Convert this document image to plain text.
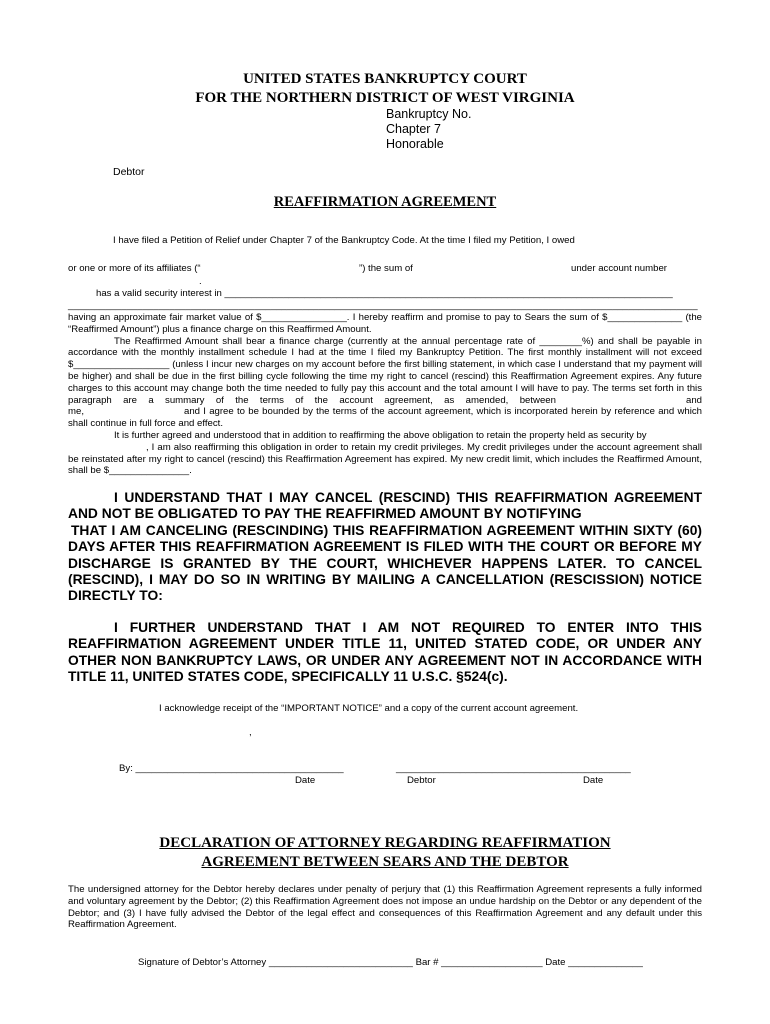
UNITED STATES BANKRUPTCY COURT
FOR THE NORTHERN DISTRICT OF WEST VIRGINIA
Bankruptcy No.
Chapter 7
Honorable
Debtor
REAFFIRMATION AGREEMENT
I have filed a Petition of Relief under Chapter 7 of the Bankruptcy Code. At the time I filed my Petition, I owed
or one or more of its affiliates (“	”) the sum of	under account number
.
has a valid security interest in ____________________________________________________________________________________
______________________________________________________________________________________________________________________

having an approximate fair market value of $________________. I hereby reaffirm and promise to pay to Sears the sum of $______________ (the “Reaffirmed Amount”) plus a finance charge on this Reaffirmed Amount.

The Reaffirmed Amount shall bear a finance charge (currently at the annual percentage rate of ________%) and shall be payable in accordance with the monthly installment schedule I had at the time I filed my Bankruptcy Petition. The first monthly installment will not exceed $__________________ (unless I incur new charges on my account before the first billing statement, in which case I understand that my payment will be higher) and shall be due in the first billing cycle following the time my right to cancel (rescind) this Reaffirmation Agreement expires. Any future charges to this account may change both the time needed to fully pay this account and the total amount I will have to pay. The terms set forth in this paragraph are a summary of the terms of the account agreement, as amended, between	and

me,	and I agree to be bounded by the terms of the account agreement, which is incorporated herein by reference and which shall continue in full force and effect.

It is further agreed and understood that in addition to reaffirming the above obligation to retain the property held as security by

, I am also reaffirming this obligation in order to retain my credit privileges. My credit privileges under the account agreement shall be reinstated after my right to cancel (rescind) this Reaffirmation Agreement has expired. My new credit limit, which includes the Reaffirmed Amount, shall be $_______________.

I UNDERSTAND THAT I MAY CANCEL (RESCIND) THIS REAFFIRMATION AGREEMENT AND NOT BE OBLIGATED TO PAY THE REAFFIRMED AMOUNT BY NOTIFYING

THAT I AM CANCELING (RESCINDING) THIS REAFFIRMATION AGREEMENT WITHIN SIXTY (60) DAYS AFTER THIS REAFFIRMATION AGREEMENT IS FILED WITH THE COURT OR BEFORE MY DISCHARGE IS GRANTED BY THE COURT, WHICHEVER HAPPENS LATER. TO CANCEL (RESCIND), I MAY DO SO IN WRITING BY MAILING A CANCELLATION (RESCISSION) NOTICE DIRECTLY TO:

I FURTHER UNDERSTAND THAT I AM NOT REQUIRED TO ENTER INTO THIS REAFFIRMATION AGREEMENT UNDER TITLE 11, UNITED STATED CODE, OR UNDER ANY OTHER NON BANKRUPTCY LAWS, OR UNDER ANY AGREEMENT NOT IN ACCORDANCE WITH TITLE 11, UNITED STATES CODE, SPECIFICALLY 11 U.S.C. §524(c).

I acknowledge receipt of the “IMPORTANT NOTICE” and a copy of the current account agreement.
,
By: _______________________________________
Date
____________________________________________
Debtor	Date
DECLARATION OF ATTORNEY REGARDING REAFFIRMATION
AGREEMENT BETWEEN SEARS AND THE DEBTOR

The undersigned attorney for the Debtor hereby declares under penalty of perjury that (1) this Reaffirmation Agreement represents a fully informed and voluntary agreement by the Debtor; (2) this Reaffirmation Agreement does not impose an undue hardship on the Debtor or any dependent of the Debtor; and (3) I have fully advised the Debtor of the legal effect and consequences of this Reaffirmation Agreement and any default under this Reaffirmation Agreement.

Signature of Debtor’s Attorney ___________________________ Bar # ___________________ Date ______________
